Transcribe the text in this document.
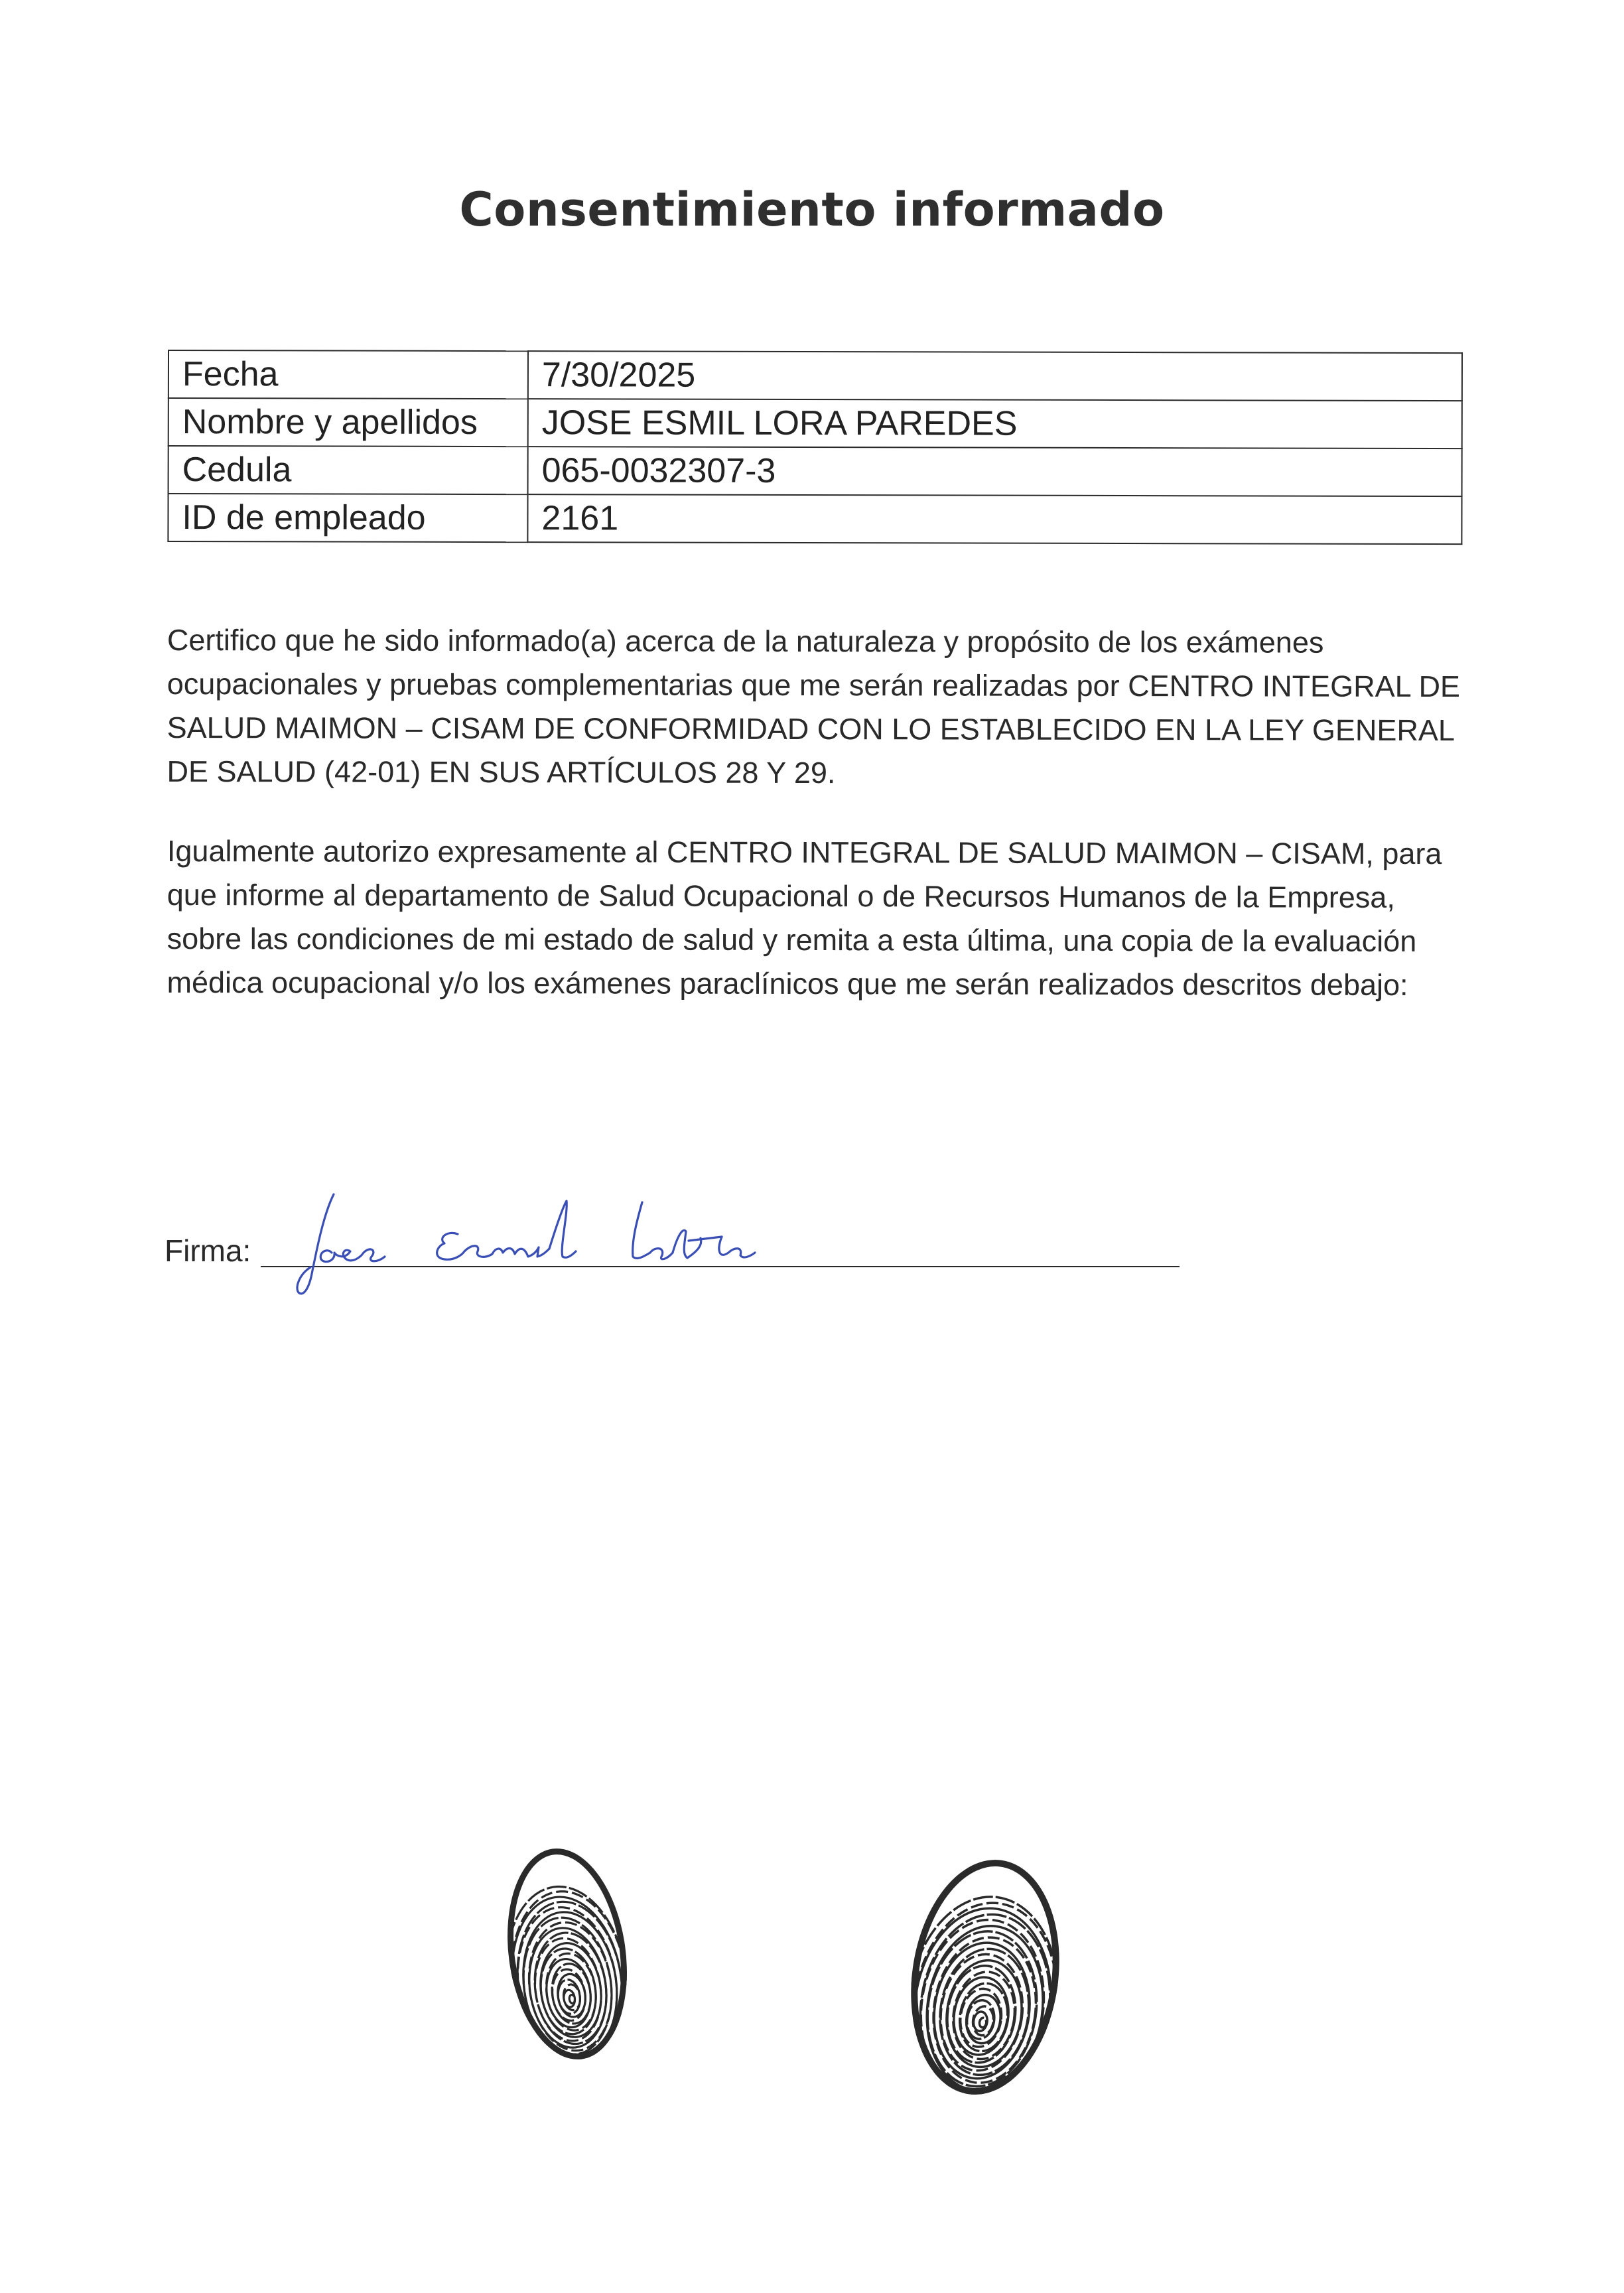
Consentimiento informado
Fecha	7/30/2025
Nombre y apellidos	JOSE ESMIL LORA PAREDES
Cedula	065-0032307-3
ID de empleado	2161
Certifico que he sido informado(a) acerca de la naturaleza y propósito de los exámenes ocupacionales y pruebas complementarias que me serán realizadas por CENTRO INTEGRAL DE SALUD MAIMON – CISAM DE CONFORMIDAD CON LO ESTABLECIDO EN LA LEY GENERAL DE SALUD (42-01) EN SUS ARTÍCULOS 28 Y 29.
Igualmente autorizo expresamente al CENTRO INTEGRAL DE SALUD MAIMON – CISAM, para que informe al departamento de Salud Ocupacional o de Recursos Humanos de la Empresa, sobre las condiciones de mi estado de salud y remita a esta última, una copia de la evaluación médica ocupacional y/o los exámenes paraclínicos que me serán realizados descritos debajo:
Firma:
